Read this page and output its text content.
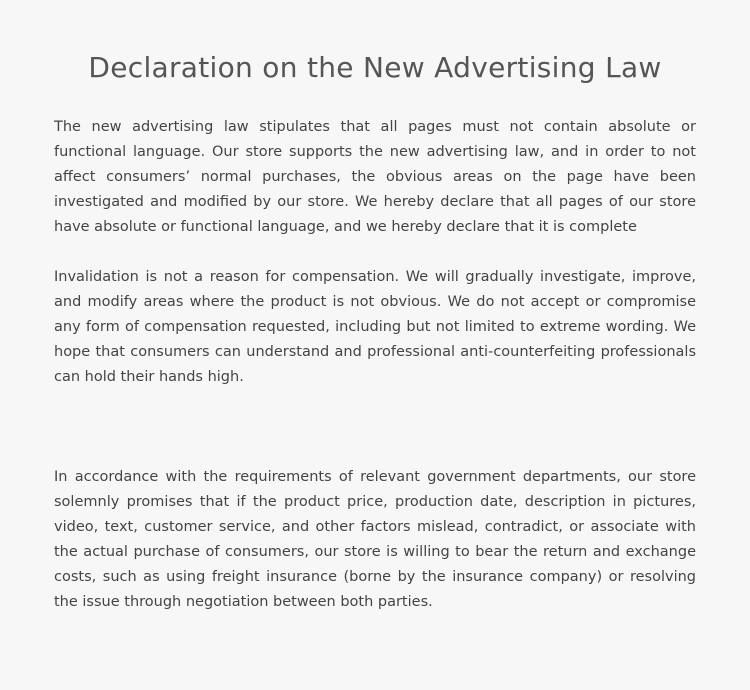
Declaration on the New Advertising Law

The new advertising law stipulates that all pages must not contain absolute or functional language. Our store supports the new advertising law, and in order to not affect consumers’ normal purchases, the obvious areas on the page have been investigated and modified by our store. We hereby declare that all pages of our store have absolute or functional language, and we hereby declare that it is complete

Invalidation is not a reason for compensation. We will gradually investigate, improve, and modify areas where the product is not obvious. We do not accept or compromise any form of compensation requested, including but not limited to extreme wording. We hope that consumers can understand and professional anti-counterfeiting professionals can hold their hands high.

In accordance with the requirements of relevant government departments, our store solemnly promises that if the product price, production date, description in pictures, video, text, customer service, and other factors mislead, contradict, or associate with the actual purchase of consumers, our store is willing to bear the return and exchange costs, such as using freight insurance (borne by the insurance company) or resolving the issue through negotiation between both parties.
